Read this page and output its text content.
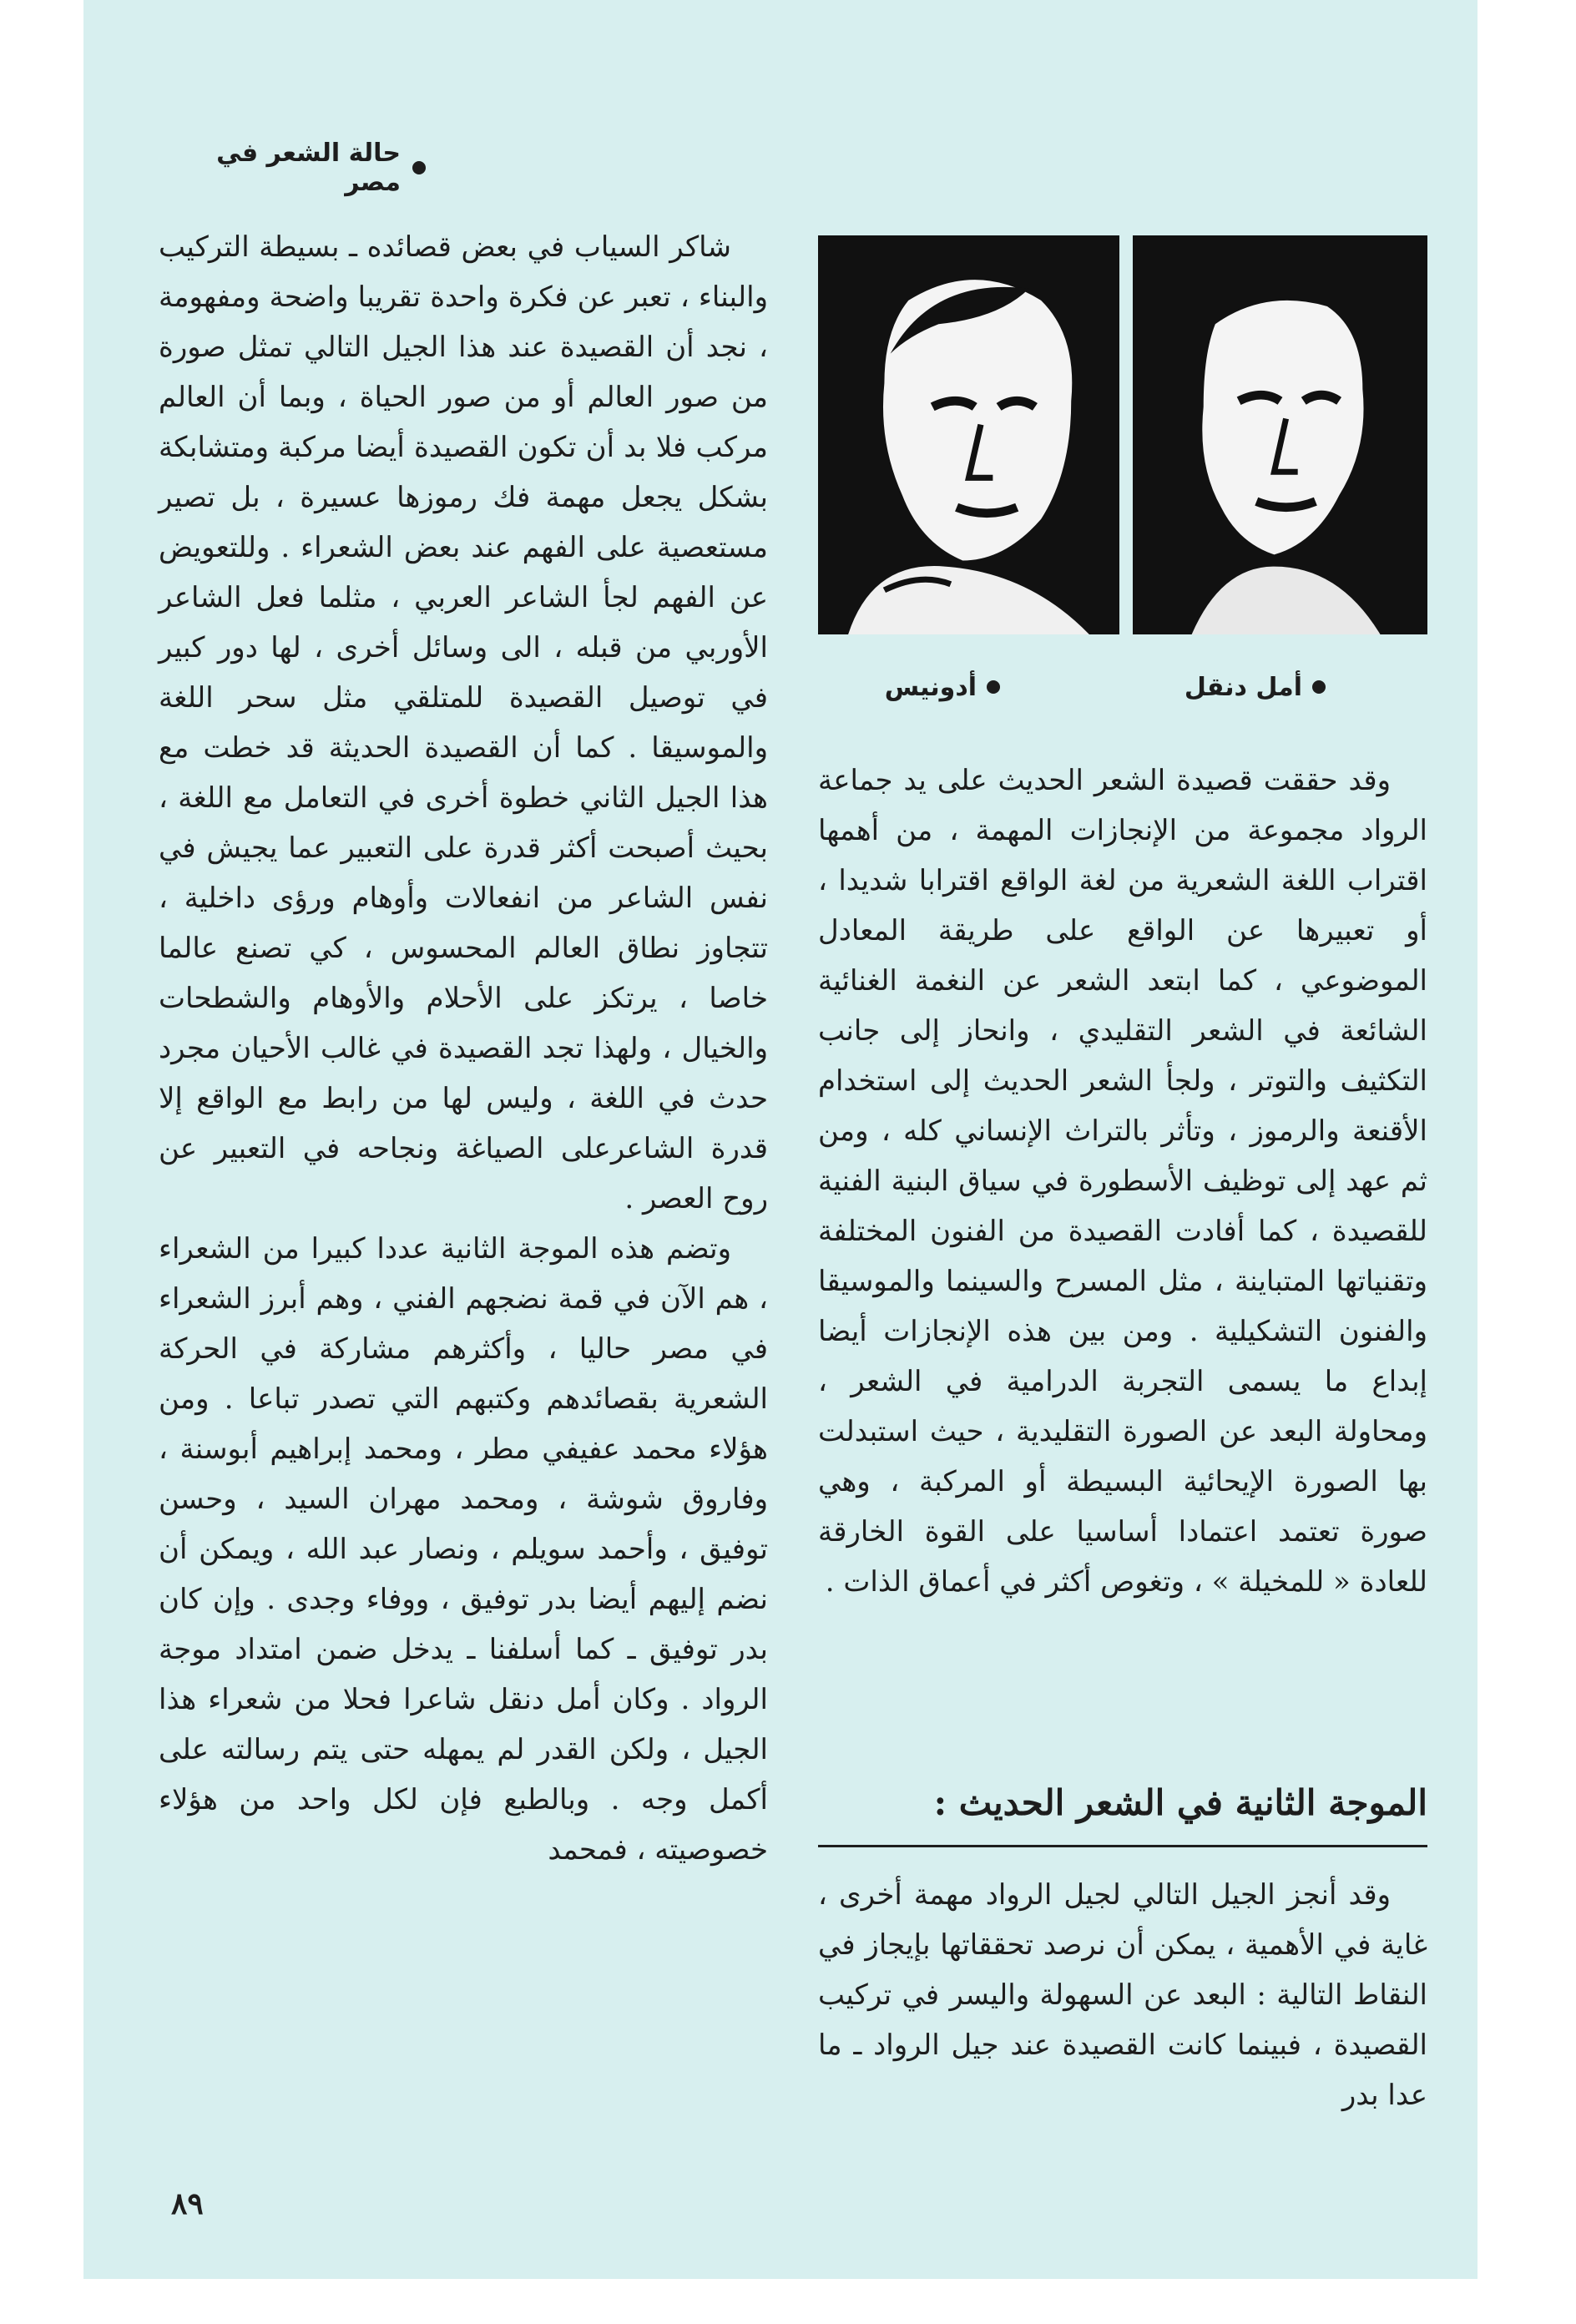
حالة الشعر في مصر
أمل دنقل
أدونيس

شاكر السياب في بعض قصائده ـ بسيطة التركيب والبناء ، تعبر عن فكرة واحدة تقريبا واضحة ومفهومة ، نجد أن القصيدة عند هذا الجيل التالي تمثل صورة من صور العالم أو من صور الحياة ، وبما أن العالم مركب فلا بد أن تكون القصيدة أيضا مركبة ومتشابكة بشكل يجعل مهمة فك رموزها عسيرة ، بل تصير مستعصية على الفهم عند بعض الشعراء . وللتعويض عن الفهم لجأ الشاعر العربي ، مثلما فعل الشاعر الأوربي من قبله ، الى وسائل أخرى ، لها دور كبير في توصيل القصيدة للمتلقي مثل سحر اللغة والموسيقا . كما أن القصيدة الحديثة قد خطت مع هذا الجيل الثاني خطوة أخرى في التعامل مع اللغة ، بحيث أصبحت أكثر قدرة على التعبير عما يجيش في نفس الشاعر من انفعالات وأوهام ورؤى داخلية ، تتجاوز نطاق العالم المحسوس ، كي تصنع عالما خاصا ، يرتكز على الأحلام والأوهام والشطحات والخيال ، ولهذا تجد القصيدة في غالب الأحيان مجرد حدث في اللغة ، وليس لها من رابط مع الواقع إلا قدرة الشاعرعلى الصياغة ونجاحه في التعبير عن روح العصر .

وتضم هذه الموجة الثانية عددا كبيرا من الشعراء ، هم الآن في قمة نضجهم الفني ، وهم أبرز الشعراء في مصر حاليا ، وأكثرهم مشاركة في الحركة الشعرية بقصائدهم وكتبهم التي تصدر تباعا . ومن هؤلاء محمد عفيفي مطر ، ومحمد إبراهيم أبوسنة ، وفاروق شوشة ، ومحمد مهران السيد ، وحسن توفيق ، وأحمد سويلم ، ونصار عبد الله ، ويمكن أن نضم إليهم أيضا بدر توفيق ، ووفاء وجدى . وإن كان بدر توفيق ـ كما أسلفنا ـ يدخل ضمن امتداد موجة الرواد . وكان أمل دنقل شاعرا فحلا من شعراء هذا الجيل ، ولكن القدر لم يمهله حتى يتم رسالته على أكمل وجه . وبالطبع فإن لكل واحد من هؤلاء خصوصيته ، فمحمد

وقد حققت قصيدة الشعر الحديث على يد جماعة الرواد مجموعة من الإنجازات المهمة ، من أهمها اقتراب اللغة الشعرية من لغة الواقع اقترابا شديدا ، أو تعبيرها عن الواقع على طريقة المعادل الموضوعي ، كما ابتعد الشعر عن النغمة الغنائية الشائعة في الشعر التقليدي ، وانحاز إلى جانب التكثيف والتوتر ، ولجأ الشعر الحديث إلى استخدام الأقنعة والرموز ، وتأثر بالتراث الإنساني كله ، ومن ثم عهد إلى توظيف الأسطورة في سياق البنية الفنية للقصيدة ، كما أفادت القصيدة من الفنون المختلفة وتقنياتها المتباينة ، مثل المسرح والسينما والموسيقا والفنون التشكيلية . ومن بين هذه الإنجازات أيضا إبداع ما يسمى التجربة الدرامية في الشعر ، ومحاولة البعد عن الصورة التقليدية ، حيث استبدلت بها الصورة الإيحائية البسيطة أو المركبة ، وهي صورة تعتمد اعتمادا أساسيا على القوة الخارقة للعادة « للمخيلة » ، وتغوص أكثر في أعماق الذات .

الموجة الثانية في الشعر الحديث :

وقد أنجز الجيل التالي لجيل الرواد مهمة أخرى ، غاية في الأهمية ، يمكن أن نرصد تحققاتها بإيجاز في النقاط التالية : البعد عن السهولة واليسر في تركيب القصيدة ، فبينما كانت القصيدة عند جيل الرواد ـ ما عدا بدر

٨٩
